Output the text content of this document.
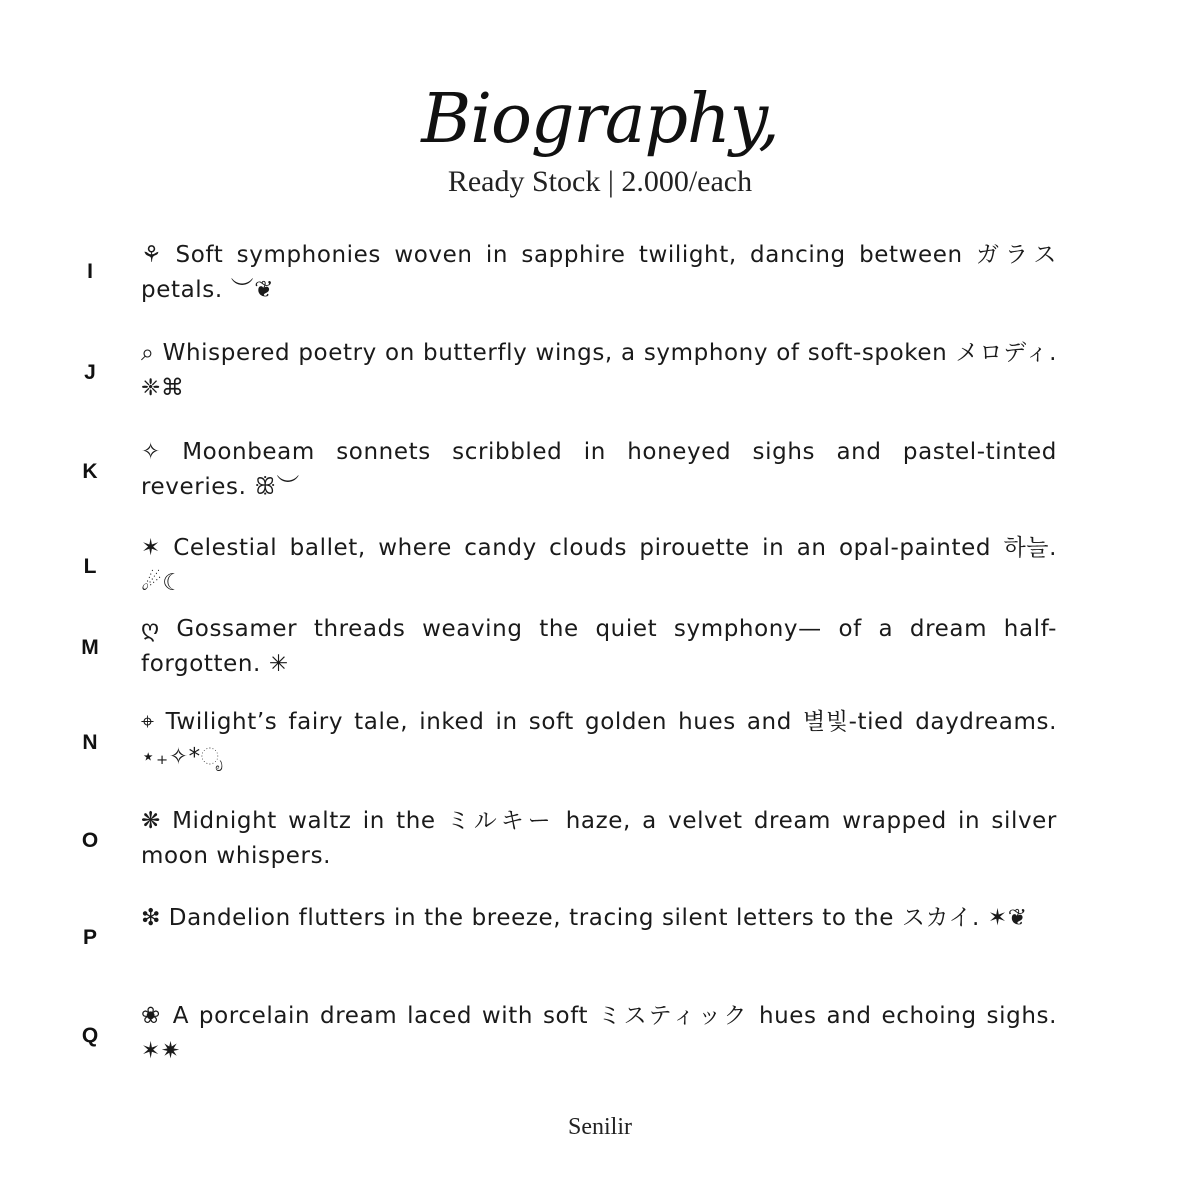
Biography,
Ready Stock | 2.000/each
I
⚘ Soft symphonies woven in sapphire twilight, dancing between ガラス petals. ︶❦
J
⌕ Whispered poetry on butterfly wings, a symphony of soft-spoken メロディ. ❈⌘
K
✧ Moonbeam sonnets scribbled in honeyed sighs and pastel-tinted reveries. ꕥ︶
L
✶ Celestial ballet, where candy clouds pirouette in an opal-painted 하늘. ☄☾
M
ღ Gossamer threads weaving the quiet symphony— of a dream half-forgotten. ✳
N
⌖ Twilight’s fairy tale, inked in soft golden hues and 별빛-tied daydreams. ⋆₊✧*ೃ
O
❋ Midnight waltz in the ミルキー haze, a velvet dream wrapped in silver moon whispers.
P
❇ Dandelion flutters in the breeze, tracing silent letters to the スカイ. ✶❦
Q
❀ A porcelain dream laced with soft ミスティック hues and echoing sighs. ✶✷
Senilir
